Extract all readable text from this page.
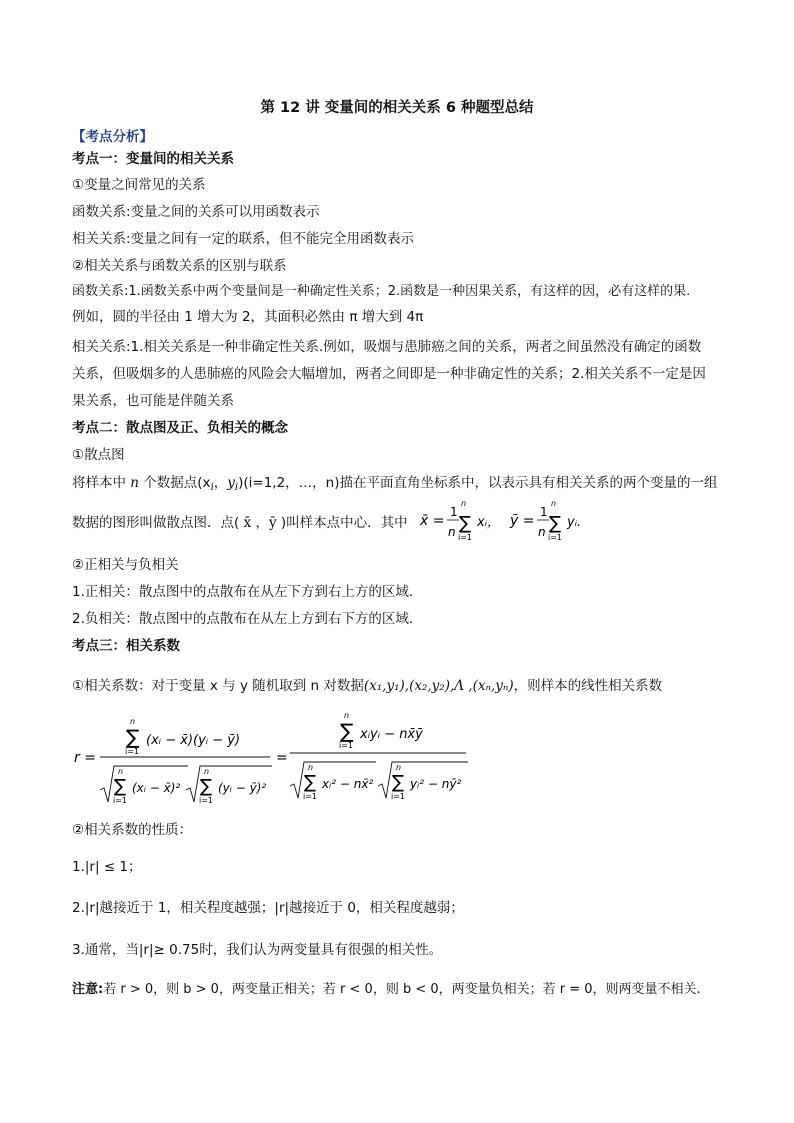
第 12 讲 变量间的相关关系 6 种题型总结
【考点分析】
考点一：变量间的相关关系
①变量之间常见的关系
函数关系:变量之间的关系可以用函数表示
相关关系:变量之间有一定的联系，但不能完全用函数表示
②相关关系与函数关系的区别与联系
函数关系:1.函数关系中两个变量间是一种确定性关系；2.函数是一种因果关系，有这样的因，必有这样的果.
例如，圆的半径由 1 增大为 2，其面积必然由 π 增大到 4π
相关关系:1.相关关系是一种非确定性关系.例如，吸烟与患肺癌之间的关系，两者之间虽然没有确定的函数
关系，但吸烟多的人患肺癌的风险会大幅增加，两者之间即是一种非确定性的关系；2.相关关系不一定是因
果关系，也可能是伴随关系
考点二：散点图及正、负相关的概念
①散点图
将样本中 n 个数据点($x_i$，$y_i)(i=1,2$，…，n)描在平面直角坐标系中，以表示具有相关关系的两个变量的一组
数据的图形叫做散点图．点( x̄ ，ȳ )叫样本点中心．其中 x̄ =
1
n
n
∑
i=1
xᵢ， ȳ =
1
n
n
∑
i=1
yᵢ.
②正相关与负相关
1.正相关：散点图中的点散布在从左下方到右上方的区域．
2.负相关：散点图中的点散布在从左上方到右下方的区域．
考点三：相关系数
①相关系数：对于变量 x 与 y 随机取到 n 对数据(x₁,y₁),(x₂,y₂),Λ ,(xₙ,yₙ)，则样本的线性相关系数
r =
n
∑
i=1
(xᵢ − x̄)(yᵢ − ȳ)
n
∑
i=1
(xᵢ − x̄)²
n
∑
i=1
(yᵢ − ȳ)²
=
n
∑
i=1
xᵢyᵢ − nx̄ȳ
n
∑
i=1
xᵢ² − nx̄²
n
∑
i=1
yᵢ² − nȳ²
②相关系数的性质：
1.|r| ≤ 1；
2.|r|越接近于 1，相关程度越强；|r|越接近于 0，相关程度越弱；
3.通常，当|r|≥ 0.75时，我们认为两变量具有很强的相关性。
注意:若 r > 0，则 b > 0，两变量正相关；若 r < 0，则 b < 0，两变量负相关；若 r = 0，则两变量不相关.
